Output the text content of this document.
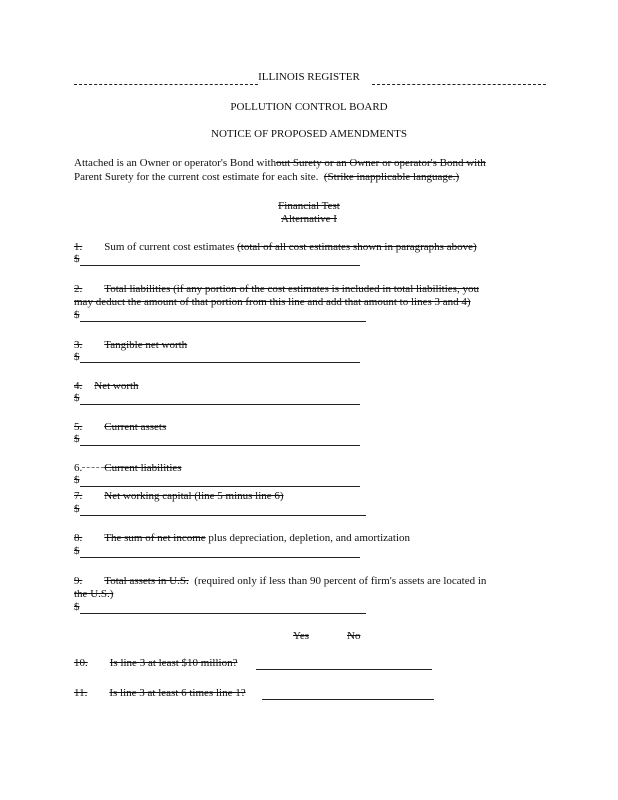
ILLINOIS REGISTER
POLLUTION CONTROL BOARD
NOTICE OF PROPOSED AMENDMENTS
Attached is an Owner or operator's Bond without Surety or an Owner or operator's Bond with
Parent Surety for the current cost estimate for each site. (Strike inapplicable language.)
Financial Test
Alternative I
1. Sum of current cost estimates (total of all cost estimates shown in paragraphs above)
$
2. Total liabilities (if any portion of the cost estimates is included in total liabilities, you
may deduct the amount of that portion from this line and add that amount to lines 3 and 4)
$
3. Tangible net worth
$
4. Net worth
$
5. Current assets
$
6. Current liabilities
$
7. Net working capital (line 5 minus line 6)
$
8. The sum of net income plus depreciation, depletion, and amortization
$
9. Total assets in U.S. (required only if less than 90 percent of firm's assets are located in
the U.S.)
$
Yes	No
10. Is line 3 at least $10 million?
11. Is line 3 at least 6 times line 1?
